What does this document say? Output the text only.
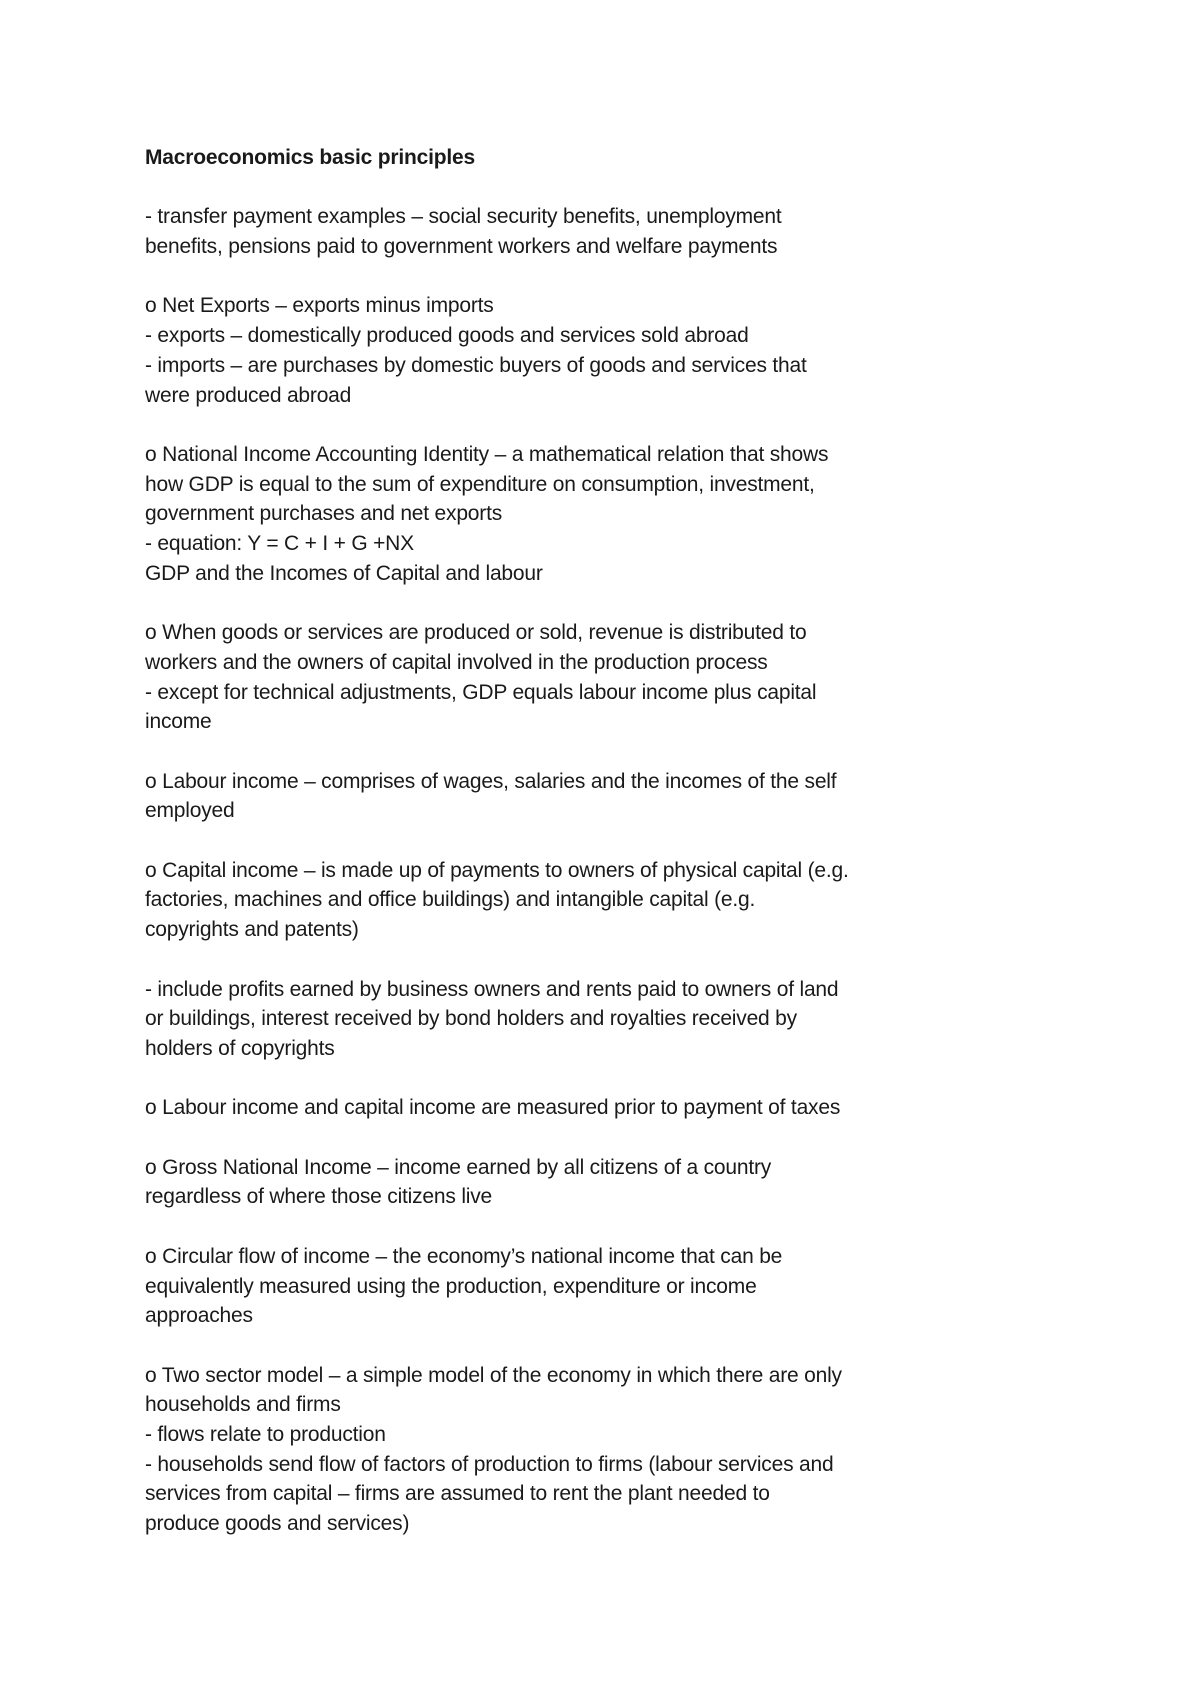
Macroeconomics basic principles

- transfer payment examples – social security benefits, unemployment
benefits, pensions paid to government workers and welfare payments
o Net Exports – exports minus imports
- exports – domestically produced goods and services sold abroad
- imports – are purchases by domestic buyers of goods and services that
were produced abroad
o National Income Accounting Identity – a mathematical relation that shows
how GDP is equal to the sum of expenditure on consumption, investment,
government purchases and net exports
- equation: Y = C + I + G +NX
GDP and the Incomes of Capital and labour
o When goods or services are produced or sold, revenue is distributed to
workers and the owners of capital involved in the production process
- except for technical adjustments, GDP equals labour income plus capital
income
o Labour income – comprises of wages, salaries and the incomes of the self
employed
o Capital income – is made up of payments to owners of physical capital (e.g.
factories, machines and office buildings) and intangible capital (e.g.
copyrights and patents)
- include profits earned by business owners and rents paid to owners of land
or buildings, interest received by bond holders and royalties received by
holders of copyrights
o Labour income and capital income are measured prior to payment of taxes
o Gross National Income – income earned by all citizens of a country
regardless of where those citizens live
o Circular flow of income – the economy’s national income that can be
equivalently measured using the production, expenditure or income
approaches
o Two sector model – a simple model of the economy in which there are only
households and firms
- flows relate to production
- households send flow of factors of production to firms (labour services and
services from capital – firms are assumed to rent the plant needed to
produce goods and services)
